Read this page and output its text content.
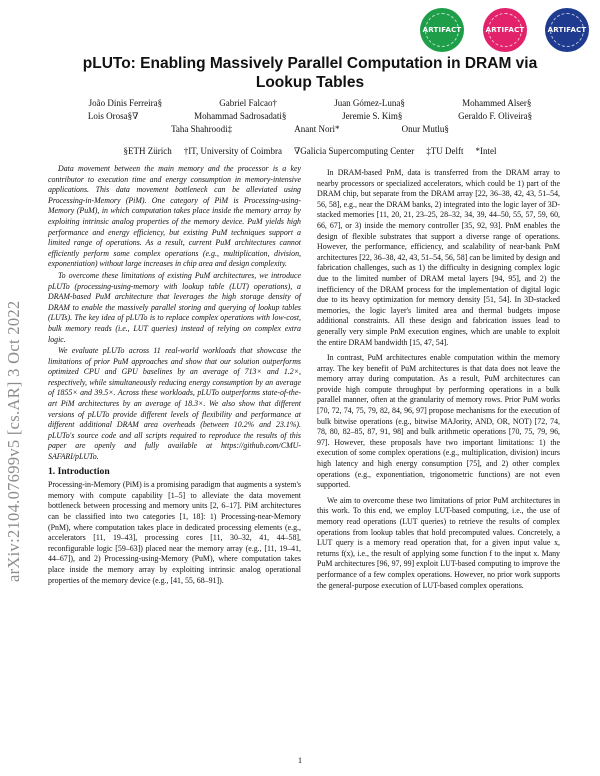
ARTIFACT	ARTIFACT	ARTIFACT
arXiv:2104.07699v5 [cs.AR] 3 Oct 2022
pLUTo: Enabling Massively Parallel Computation in DRAM via Lookup Tables
João Dinis Ferreira§	Gabriel Falcao†	Juan Gómez-Luna§	Mohammed Alser§
Lois Orosa§∇	Mohammad Sadrosadati§	Jeremie S. Kim§	Geraldo F. Oliveira§
Taha Shahroodi‡	Anant Nori*	Onur Mutlu§
§ETH Zürich †IT, University of Coimbra ∇Galicia Supercomputing Center ‡TU Delft *Intel

Data movement between the main memory and the processor is a key contributor to execution time and energy consumption in memory-intensive applications. This data movement bottleneck can be alleviated using Processing-in-Memory (PiM). One category of PiM is Processing-using-Memory (PuM), in which computation takes place inside the memory array by exploiting intrinsic analog properties of the memory device. PuM yields high performance and energy efficiency, but existing PuM techniques support a limited range of operations. As a result, current PuM architectures cannot efficiently perform some complex operations (e.g., multiplication, division, exponentiation) without large increases in chip area and design complexity.

To overcome these limitations of existing PuM architectures, we introduce pLUTo (processing-using-memory with lookup table (LUT) operations), a DRAM-based PuM architecture that leverages the high storage density of DRAM to enable the massively parallel storing and querying of lookup tables (LUTs). The key idea of pLUTo is to replace complex operations with low-cost, bulk memory reads (i.e., LUT queries) instead of relying on complex extra logic.

We evaluate pLUTo across 11 real-world workloads that showcase the limitations of prior PuM approaches and show that our solution outperforms optimized CPU and GPU baselines by an average of 713× and 1.2×, respectively, while simultaneously reducing energy consumption by an average of 1855× and 39.5×. Across these workloads, pLUTo outperforms state-of-the-art PiM architectures by an average of 18.3×. We also show that different versions of pLUTo provide different levels of flexibility and performance at different additional DRAM area overheads (between 10.2% and 23.1%). pLUTo's source code and all scripts required to reproduce the results of this paper are openly and fully available at https://github.com/CMU-SAFARI/pLUTo.

1. Introduction

Processing-in-Memory (PiM) is a promising paradigm that augments a system's memory with compute capability [1–5] to alleviate the data movement bottleneck between processing and memory units [2, 6–17]. PiM architectures can be classified into two categories [1, 18]: 1) Processing-near-Memory (PnM), where computation takes place in dedicated processing elements (e.g., accelerators [11, 19–43], processing cores [11, 30–32, 41, 44–58], reconfigurable logic [59–63]) placed near the memory array (e.g., [11, 19–41, 44–67]), and 2) Processing-using-Memory (PuM), where computation takes place inside the memory array by exploiting intrinsic analog operational properties of the memory device (e.g., [41, 55, 68–91]).

In DRAM-based PnM, data is transferred from the DRAM array to nearby processors or specialized accelerators, which could be 1) part of the DRAM chip, but separate from the DRAM array [22, 36–38, 42, 43, 51–54, 56, 58], e.g., near the DRAM banks, 2) integrated into the logic layer of 3D-stacked memories [11, 20, 21, 23–25, 28–32, 34, 39, 44–50, 55, 57, 59, 60, 66, 67], or 3) inside the memory controller [35, 92, 93]. PnM enables the design of flexible substrates that support a diverse range of operations. However, the performance, efficiency, and scalability of near-bank PnM architectures [22, 36–38, 42, 43, 51–54, 56, 58] can be limited by design and fabrication challenges, such as 1) the difficulty in designing complex logic due to the limited number of DRAM metal layers [94, 95], and 2) the inefficiency of the DRAM process for the implementation of digital logic due to its heavy optimization for memory density [51, 54]. In 3D-stacked memories, the logic layer's limited area and thermal budgets impose additional constraints. All these design and fabrication issues lead to generally very simple PnM execution engines, which are unable to exploit the entire DRAM bandwidth [15, 47, 54].

In contrast, PuM architectures enable computation within the memory array. The key benefit of PuM architectures is that data does not leave the memory array during computation. As a result, PuM architectures can provide high compute throughput by performing operations in a bulk parallel manner, often at the granularity of memory rows. Prior PuM works [70, 72, 74, 75, 79, 82, 84, 96, 97] propose mechanisms for the execution of bulk bitwise operations (e.g., bitwise MAJority, AND, OR, NOT) [72, 74, 78, 80, 82–85, 87, 91, 98] and bulk arithmetic operations [70, 75, 79, 96, 97]. However, these proposals have two important limitations: 1) the execution of some complex operations (e.g., multiplication, division) incurs high latency and high energy consumption [75], and 2) other complex operations (e.g., exponentiation, trigonometric functions) are not even supported.

We aim to overcome these two limitations of prior PuM architectures in this work. To this end, we employ LUT-based computing, i.e., the use of memory read operations (LUT queries) to retrieve the results of complex operations from lookup tables that hold precomputed values. Concretely, a LUT query is a memory read operation that, for a given input value x, returns f(x), i.e., the result of applying some function f to the input x. Many PuM architectures [96, 97, 99] exploit LUT-based computing to improve the performance of a few complex operations. However, no prior work supports the general-purpose execution of LUT-based complex operations.

1
